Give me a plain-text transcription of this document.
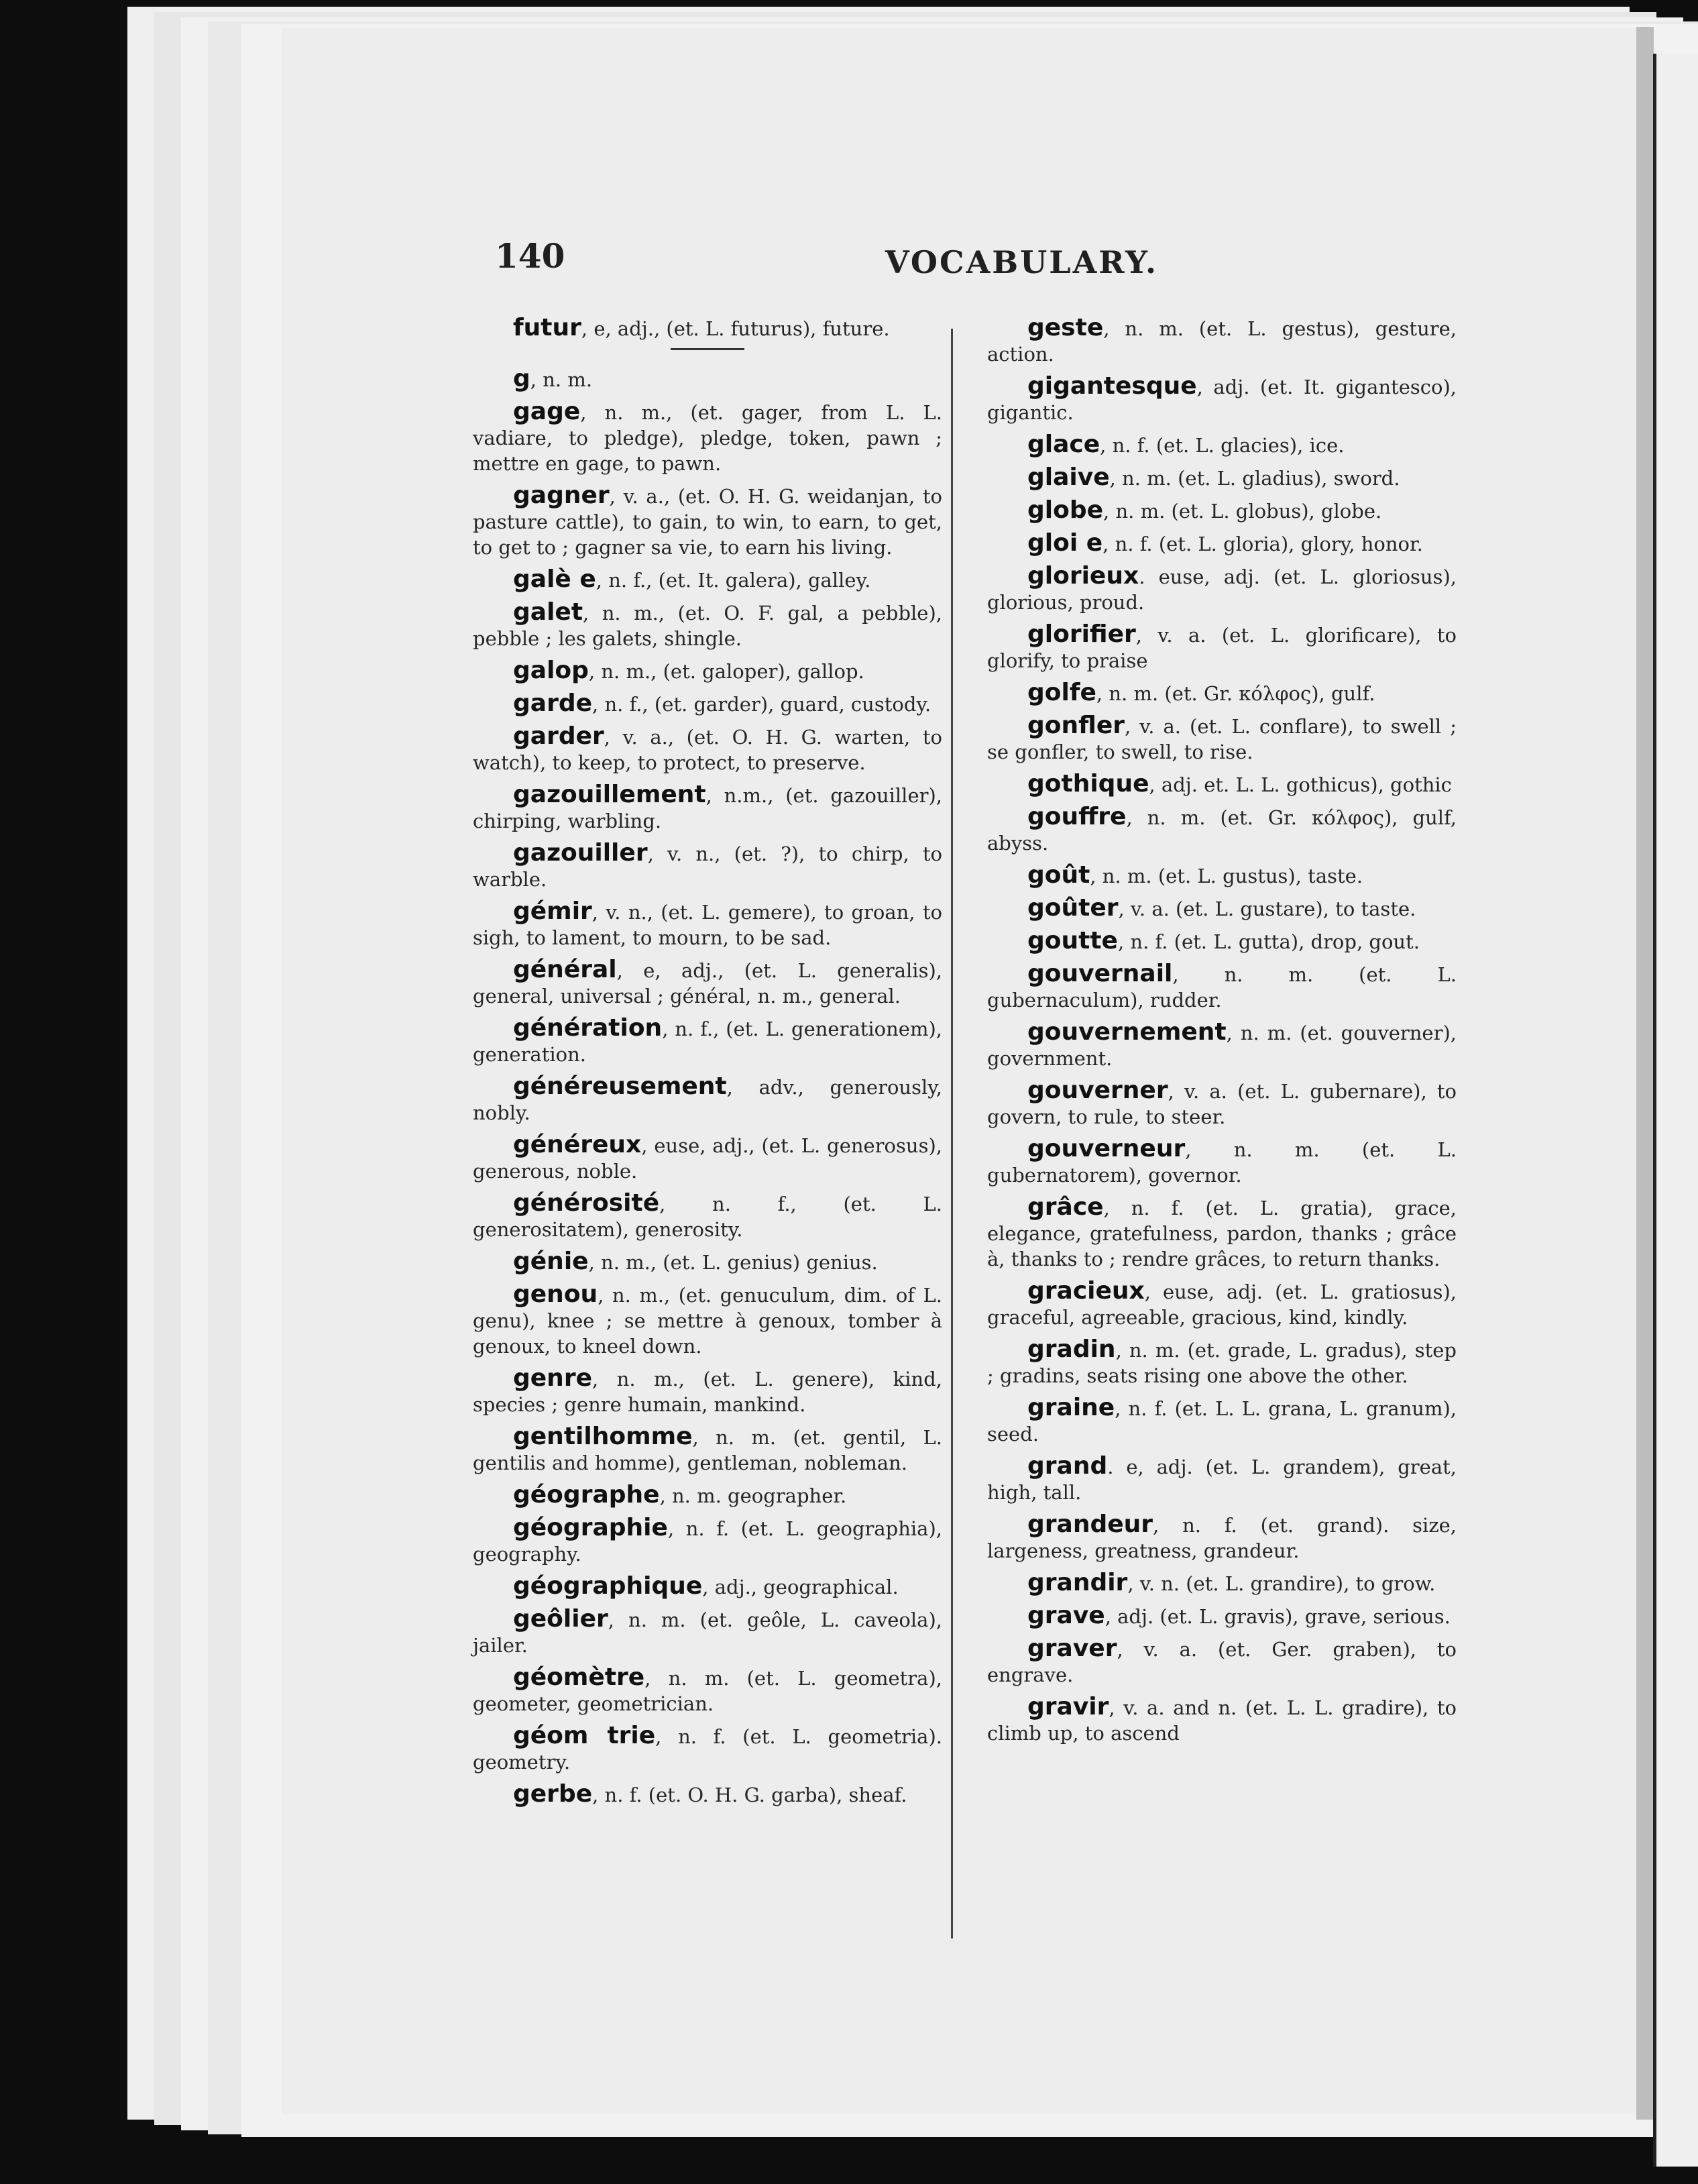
140	VOCABULARY.
futur, e, adj., (et. L. futurus), future.
g, n. m.
gage, n. m., (et. gager, from L. L. vadiare, to pledge), pledge, token, pawn ; mettre en gage, to pawn.
gagner, v. a., (et. O. H. G. weidanjan, to pasture cattle), to gain, to win, to earn, to get, to get to ; gagner sa vie, to earn his living.
galè e, n. f., (et. It. galera), galley.
galet, n. m., (et. O. F. gal, a pebble), pebble ; les galets, shingle.
galop, n. m., (et. galoper), gallop.
garde, n. f., (et. garder), guard, custody.
garder, v. a., (et. O. H. G. warten, to watch), to keep, to protect, to preserve.
gazouillement, n.m., (et. gazouiller), chirping, warbling.
gazouiller, v. n., (et. ?), to chirp, to warble.
gémir, v. n., (et. L. gemere), to groan, to sigh, to lament, to mourn, to be sad.
général, e, adj., (et. L. generalis), general, universal ; général, n. m., general.
génération, n. f., (et. L. generationem), generation.
généreusement, adv., generously, nobly.
généreux, euse, adj., (et. L. generosus), generous, noble.
générosité, n. f., (et. L. generositatem), generosity.
génie, n. m., (et. L. genius) genius.
genou, n. m., (et. genuculum, dim. of L. genu), knee ; se mettre à genoux, tomber à genoux, to kneel down.
genre, n. m., (et. L. genere), kind, species ; genre humain, mankind.
gentilhomme, n. m. (et. gentil, L. gentilis and homme), gentleman, nobleman.
géographe, n. m. geographer.
géographie, n. f. (et. L. geographia), geography.
géographique, adj., geographical.
geôlier, n. m. (et. geôle, L. caveola), jailer.
géomètre, n. m. (et. L. geometra), geometer, geometrician.
géom trie, n. f. (et. L. geometria). geometry.
gerbe, n. f. (et. O. H. G. garba), sheaf.
geste, n. m. (et. L. gestus), gesture, action.
gigantesque, adj. (et. It. gigantesco), gigantic.
glace, n. f. (et. L. glacies), ice.
glaive, n. m. (et. L. gladius), sword.
globe, n. m. (et. L. globus), globe.
gloi e, n. f. (et. L. gloria), glory, honor.
glorieux. euse, adj. (et. L. gloriosus), glorious, proud.
glorifier, v. a. (et. L. glorificare), to glorify, to praise
golfe, n. m. (et. Gr. κόλφος), gulf.
gonfler, v. a. (et. L. conflare), to swell ; se gonfler, to swell, to rise.
gothique, adj. et. L. L. gothicus), gothic
gouffre, n. m. (et. Gr. κόλφος), gulf, abyss.
goût, n. m. (et. L. gustus), taste.
goûter, v. a. (et. L. gustare), to taste.
goutte, n. f. (et. L. gutta), drop, gout.
gouvernail, n. m. (et. L. gubernaculum), rudder.
gouvernement, n. m. (et. gouverner), government.
gouverner, v. a. (et. L. gubernare), to govern, to rule, to steer.
gouverneur, n. m. (et. L. gubernatorem), governor.
grâce, n. f. (et. L. gratia), grace, elegance, gratefulness, pardon, thanks ; grâce à, thanks to ; rendre grâces, to return thanks.
gracieux, euse, adj. (et. L. gratiosus), graceful, agreeable, gracious, kind, kindly.
gradin, n. m. (et. grade, L. gradus), step ; gradins, seats rising one above the other.
graine, n. f. (et. L. L. grana, L. granum), seed.
grand. e, adj. (et. L. grandem), great, high, tall.
grandeur, n. f. (et. grand). size, largeness, greatness, grandeur.
grandir, v. n. (et. L. grandire), to grow.
grave, adj. (et. L. gravis), grave, serious.
graver, v. a. (et. Ger. graben), to engrave.
gravir, v. a. and n. (et. L. L. gradire), to climb up, to ascend
